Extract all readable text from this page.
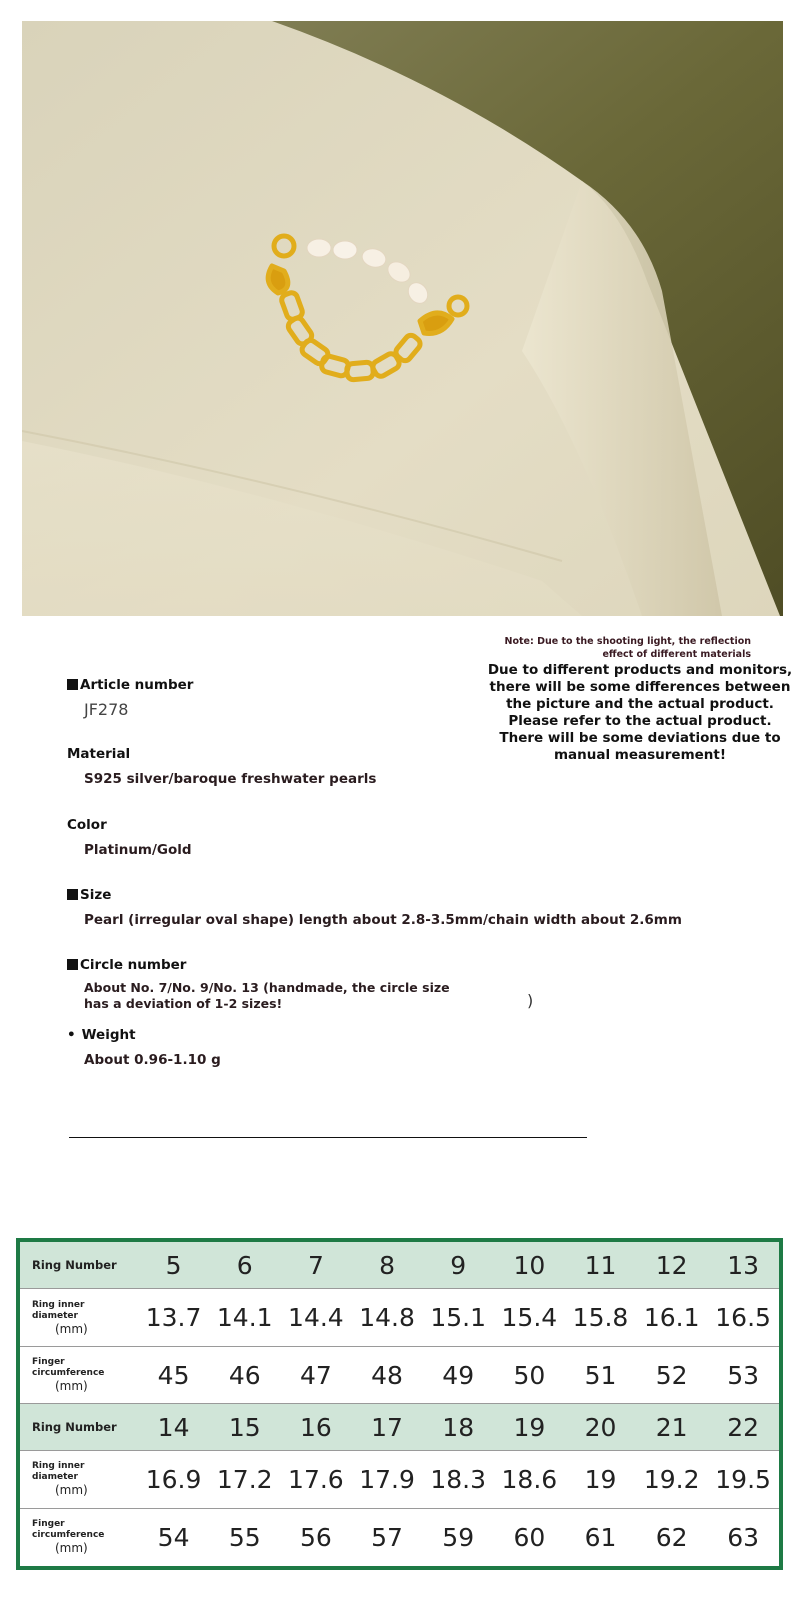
Note: Due to the shooting light, the reflection
effect of different materials
Due to different products and monitors, there will be some differences between the picture and the actual product. Please refer to the actual product. There will be some deviations due to manual measurement!
Article number
JF278
Material
S925 silver/baroque freshwater pearls
Color
Platinum/Gold
Size
Pearl (irregular oval shape) length about 2.8-3.5mm/chain width about 2.6mm
Circle number
About No. 7/No. 9/No. 13 (handmade, the circle size has a deviation of 1-2 sizes!	)
• Weight
About 0.96-1.10 g
Ring Number	5	6	7	8	9	10	11	12	13

Ring inner
diameter
(mm)	13.7	14.1	14.4	14.8	15.1	15.4	15.8	16.1	16.5

Finger
circumference
(mm)	45	46	47	48	49	50	51	52	53
Ring Number	14	15	16	17	18	19	20	21	22

Ring inner
diameter
(mm)	16.9	17.2	17.6	17.9	18.3	18.6	19	19.2	19.5

Finger
circumference
(mm)	54	55	56	57	59	60	61	62	63
